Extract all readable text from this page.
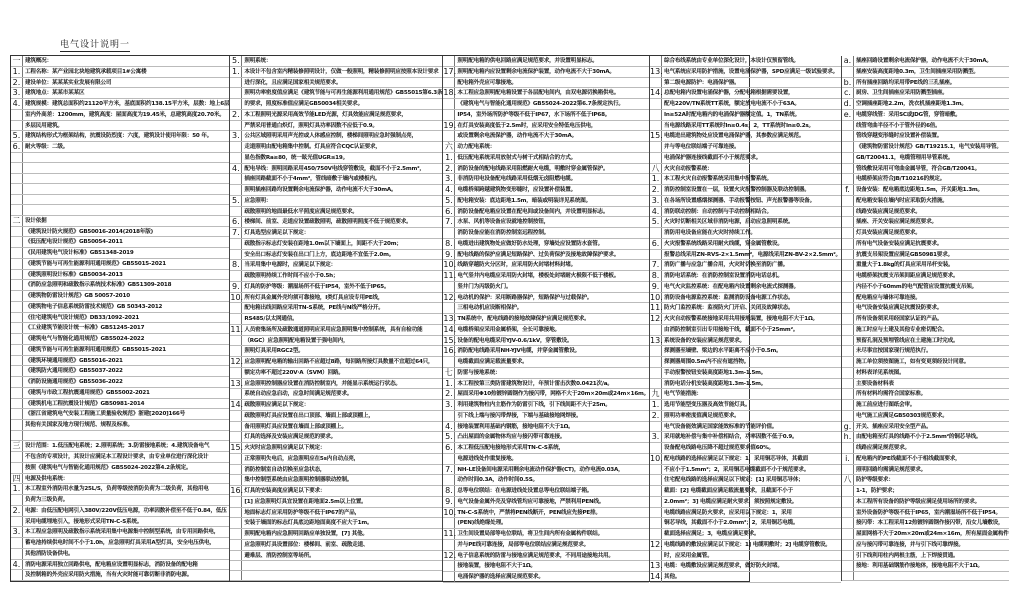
电气设计说明一
一 建筑概况：
1. 工程名称：某产业园北块地建筑承载项目1#公寓楼
2. 建设单位：某某某实业发展有限公司
3. 建筑地点：某某市某某区
4. 建筑规模：建筑总面积约21120平方米，基底面积约138.15平方米，层数：地上6层
室内外高差：1200mm，建筑高度：屋面高度为19.45米，总建筑高度20.70米。
多层民用建筑。
5. 建筑结构形式为框架结构，抗震设防烈度：六度，建筑设计使用年限：50 年。
6. 耐火等级：二级。
二 设计依据
《建筑设计防火规范》GB50016-2014(2018年版)
《低压配电设计规范》GB50054-2011
《民用建筑电气设计标准》GB51348-2019
《建筑节能与可再生能源利用通用规范》GB55015-2021
《建筑照明设计标准》GB50034-2013
《消防应急照明和疏散指示系统技术标准》GB51309-2018
《建筑物防雷设计规范》GB 50057-2010
《建筑物电子信息系统防雷技术规范》GB 50343-2012
《住宅建筑电气设计规范》DB33/1092-2021
《工业建筑节能设计统一标准》GB51245-2017
《建筑电气与智能化通用规范》GB55024-2022
《建筑节能与可再生能源利用通用规范》GB55015-2021
《建筑环境通用规范》GB55016-2021
《建筑防火通用规范》GB55037-2022
《消防设施通用规范》GB55036-2022
《建筑与市政工程抗震通用规范》GB55002-2021
《建筑机电工程抗震设计规范》GB50981-2014
《浙江省建筑电气安装工程施工质量验收规范》浙建[2020]166号
其他有关国家及地方现行规范、规程及标准。
三 设计范围：1.低压配电系统；2.照明系统；3.防雷接地系统；4.建筑设备电气
不包含的专项设计，其设计应满足本工程设计要求，由专业单位进行深化设计
按照《建筑电气与智能化通用规范》GB55024-2022第4.2条规定。
四 电源及供电系统：
1. 本工程室外消防用水量为25L/S，负荷等级按消防负荷为二级负荷，其他用电
负荷为三级负荷。
2. 电源：由低压配电网引入380V/220V低压电源，功率因数补偿至不低于0.84，低压
采用电缆埋地引入，接地形式采用TN-C-S系统。
3. 本工程应急照明及疏散指示系统采用集中电源集中控制型系统，由专用回路供电，
蓄电池持续供电时间不小于1.0h，应急照明灯具采用A型灯具，安全电压供电，
其他消防设备供电。
4. 消防电源采用独立回路供电，配电箱应设置明显标志，消防设备的配电箱
及控制箱的外壳应采用防火措施，当有火灾时能可靠切断非消防电源。
5. 照明系统：
1. 本设计不包含室内精装修照明设计，仅做一般照明，精装修照明应按照本设计要求
进行深化，且应满足国家相关规范要求。
照明功率密度值应满足《建筑节能与可再生能源利用通用规范》GB55015第6.3条
的要求，照度标准值应满足GB50034相关要求。
2. 本工程照明光源采用高效节能LED光源，灯具效能应满足规范要求，
严禁采用普通白炽灯，照明灯具功率因数不应低于0.9。
3. 公共区域照明采用声光控或人体感应控制，楼梯间照明应急时强制点亮，
走道照明由配电箱集中控制。灯具应符合CQC认证要求，
显色指数Ra≥80，统一眩光值UGR≤19。
4. 配电导线：照明回路采用450/750V电线穿管敷设，截面不小于2.5mm²，
插座回路截面不小于4mm²，管线暗敷于墙内或楼板内。
照明插座回路均设置剩余电流保护器，动作电流不大于30mA。
5. 应急照明：
疏散照明的地面最低水平照度应满足规范要求。
6. 楼梯间、前室、走道应设置疏散照明，疏散照明照度不低于规范要求。
7. 灯具选型应满足以下规定：
疏散指示标志灯安装在距地1.0m以下墙面上，间距不大于20m；
安全出口标志灯安装在出口门上方，底边距地不宜低于2.0m。
8. 当采用集中电源时，应满足以下规定：
疏散照明持续工作时间不应小于0.5h；
9. 灯具的防护等级：潮湿场所不低于IP54，室外不低于IP65。
10. 所有灯具金属外壳均须可靠接地，I类灯具应设专用PE线，
配电箱出线回路应采用TN-S系统，PE线与N线严格分开。
RS485/以太网通信。
11. 人员密集场所及疏散通道照明应采用应急照明集中控制系统，具有自检功能
（RGC）应急照明配电箱设置于强电间内，
照明灯具采用RGC2型。
12. 应急照明配电箱的输出回路不应超过8路，每回路所接灯具数量不宜超过64只，
额定功率不超过220V·A（SVM）回路。
13. 应急照明控制器应设置在消防控制室内，并能显示系统运行状态。
系统自动应急启动，应急时间满足规范要求。
14. 疏散照明应满足以下规定：
疏散照明灯具应设置在出口顶部、墙面上部或顶棚上，
备用照明灯具应设置在墙面上部或顶棚上。
灯具的选择及安装应满足规范的要求。
15. 火灾时应急照明应满足以下规定：
正常照明失电后，应急照明应在5s内自动点亮，
消防控制室自动切换至应急状态，
集中控制型系统由应急照明控制器联动控制。
16. 灯具的安装高度应满足以下要求：
[1] 应急照明灯具宜设置在距地面2.5m以上位置。
地面标志灯应采用防护等级不低于IP67的产品，
安装于墙面的标志灯具底边距地面高度不应大于1m。
照明配电箱内应急照明回路应单独设置，[7] 其他。
应急照明灯具设置部位：楼梯间、前室、疏散走道、
避难层、消防控制室等场所。
照明配电箱的供电回路应满足规范要求，并设置明显标志。
17. 照明配电箱内应设置剩余电流保护装置，动作电流不大于30mA。
配电箱外壳应可靠接地。
18. 本工程应急照明配电箱设置于各层配电间内，由双电源切换箱供电。
《建筑电气与智能化通用规范》GB55024-2022第6.7条规定执行。
IP54，室外场所防护等级不低于IP67，水下场所不低于IP68。
19. 在灯具安装高度低于2.5m时，应采用安全特低电压供电，
或设置剩余电流保护器，动作电流不大于30mA。
六 动力配电系统：
1. 低压配电系统采用放射式与树干式相结合的方式。
2. 消防设备的配电线路采用阻燃耐火电缆，明敷时穿金属管保护。
3. 非消防用电设备配电线路采用低烟无卤阻燃电缆。
4. 电缆桥架跨越建筑物变形缝时，应设置补偿装置。
5. 配电箱安装：底边距地1.5m，暗装或明装详见系统图。
6. 消防设备配电箱应设置在配电间或设备间内，并设置明显标志。
7. 水泵、风机等设备应设就地控制按钮，
消防设备应能在消防控制室远程控制。
8. 电缆进出建筑物处应做好防水处理，穿墙处应设置防水套管。
9. 配电线路的保护应满足短路保护、过负荷保护及接地故障保护要求。
10. 线路穿越防火分区时，应采用防火封堵材料封堵。
11. 电气竖井内电缆应采用防火封堵，楼板处封堵耐火极限不低于楼板。
竖井门为丙级防火门。
12. 电动机的保护：采用断路器保护，短路保护与过载保护。
三相电动机应设断相保护。
13. TN系统中，配电线路的接地故障保护应满足规范要求。
14. 电缆桥架应采用金属桥架，全长可靠接地。
15. 设备的配电电缆采用YJV-0.6/1kV，穿管敷设。
16. 消防配电线路采用NH-YJV电缆，并穿金属管敷设。
电缆截面应满足载流量要求。
七 防雷与接地系统：
1. 本工程按第三类防雷建筑物设计，年预计雷击次数0.0421次/a。
2. 屋面采用Φ10热镀锌圆钢作为接闪带，网格不大于20m×20m或24m×16m。
3. 利用建筑物柱内主筋作为防雷引下线，引下线间距不大于25m。
引下线上端与接闪带焊接，下端与基础接地网焊接。
4. 接地装置利用基础内钢筋，接地电阻不大于1Ω。
5. 凸出屋面的金属物体均应与接闪带可靠连接。
6. 本工程低压配电接地形式采用TN-C-S系统，
电源进线处作重复接地。
7. NH-LE设备间电源采用剩余电流动作保护器(CT)，动作电流0.03A，
动作时间0.3A，动作时间0.5S。
8. 总等电位联结：在电源进线处设置总等电位联结端子箱。
9. 电气设备金属外壳及穿线管均应可靠接地，严禁利用PEN线。
10. TN-C-S系统中，严禁将PEN线断开，PEN线应先接PE排。
(PEN)线绝缘处理。
11. 卫生间设置局部等电位联结，将卫生间内所有金属构件联结。
并与PE线可靠连接，局部等电位联结应满足规范要求。
12. 电子信息系统的防雷与接地应满足规范要求，不同用途接地共用。
接地装置，接地电阻不大于1Ω。
电涌保护器的选择应满足规范要求。
综合布线系统由专业单位深化设计，本设计仅预留管线。
13. 电气系统应采用防护措施，设置电涌保护器，SPD应满足一级试验要求。
第二级电源防护：电涌保护器。
14. 总配电箱内设置电涌保护器，分配电箱根据需要设置，
配电220V/TN系统TT系统，额定放电电流不小于63A。
In≥52A时配电箱内的电涌保护器额定值。1，TN系统。
当电源线路采用TT系统时In≥0.4s；2，TT系统时In≥0.2s。
15. 电缆进出建筑物处应设置电涌保护器，其参数应满足规范。
并与等电位联结端子可靠连接。
电涌保护器连接线截面不小于规范要求。
八 火灾自动报警系统：
1. 本工程火灾自动报警系统采用集中报警系统。
2. 消防控制室设置在一层，设置火灾报警控制器及联动控制器。
3. 在各场所设置感烟探测器、手动报警按钮、声光报警器等设备。
4. 消防联动控制：自动控制与手动控制相结合。
5. 火灾时切断相关区域非消防电源，启动应急照明系统。
消防用电设备应能在火灾时持续工作。
6. 火灾报警系统线路采用耐火线缆，穿金属管敷设。
报警总线采用ZN-RVS-2×1.5mm²，电源线采用ZN-BV-2×2.5mm²。
7. 消防广播与应急广播合用，火灾时切换至消防广播。
8. 消防电话系统：在消防控制室设置消防电话总机。
9. 电气火灾监控系统：在配电箱内设置剩余电流式探测器。
10. 消防设备电源监控系统：监测消防设备电源工作状态。
11. 防火门监控系统：监视防火门开启、关闭及故障状态。
12. 火灾自动报警系统接地采用共用接地装置，接地电阻不大于1Ω。
由消防控制室引出专用接地干线，截面不小于25mm²。
13. 系统设备的安装应满足规范要求。
探测器至墙壁、梁边的水平距离不应小于0.5m。
探测器周围0.5m内不应有遮挡物。
手动报警按钮安装高度距地1.3m-1.5m。
消防电话分机安装高度距地1.3m-1.5m。
九 电气节能措施：
1. 选用节能型变压器及高效节能灯具。
2. 照明功率密度值满足规范要求。
电气设备能效满足国家能效标准的节能评价值。
3. 采用就地补偿与集中补偿相结合，功率因数不低于0.9。
设备配电线路电压降不超过规范要求值60%。
10. 配电线路的选择应满足以下规定：1，采用铜芯导体，其截面
不应小于1.5mm²；2，采用铜芯电缆截面不小于规范要求。
住宅配电线路的选择应满足以下规定：[1] 采用铜芯导体；
截面：[2] 电缆截面应满足载流量要求，且截面不小于
2.0mm²；3] 电缆应满足耐火要求，须按照规定敷设。
电缆线路应满足防火要求，应采用以下规定：1，采用
铜芯导线，其截面不小于2.0mm²；2，采用铜芯电缆。
截面选择应满足；3，电缆应满足要求。
12. 电缆线路的敷设应满足以下规定：1] 电缆明敷时；2] 电缆穿管敷设。
时，应采用金属管。
13. 电缆：电缆敷设应满足规范要求，做好防火封堵。
14. 其他。
a. 插座回路设置剩余电流保护器，动作电流不大于30mA。
插座安装高度距地0.3m，卫生间插座采用防溅型。
b. 所有插座回路均采用带PE线的三孔插座。
c. 厨房、卫生间插座应采用防溅型插座。
d. 空调插座距地2.2m，洗衣机插座距地1.3m。
e. 电缆穿线管：采用SC或JDG管，穿管暗敷。
线管弯曲半径不小于管外径的6倍。
管线穿越变形缝时应设置补偿装置。
《建筑物防雷设计规范》GB/T19215.1，电气安装用导管。
GB/T20041.1，电缆管理用导管系统。
管线敷设采用可弯曲金属导管，符合GB/T20041。
电缆桥架应符合JB/T10216的规定。
f.	设备安装：配电箱底边距地1.5m，开关距地1.3m。
配电箱安装在墙内时应采取防火措施。
线路安装应满足规范要求。
插座、开关安装应满足规范要求。
灯具安装应满足规范要求。
所有电气设备安装应满足抗震要求。
抗震支吊架设置应满足GB50981要求。
重量大于1.8kg的灯具应采用吊杆安装。
电缆桥架抗震支吊架间距应满足规范要求。
内径不小于60mm的电气配管应设置抗震支吊架。
配电箱应与墙体可靠连接。
电气设备安装应满足抗震设防要求。
所有设备须采用经国家认证的产品。
施工时应与土建及其他专业密切配合。
预留孔洞及预埋管线应在土建施工时完成。
未尽事宜按国家现行规范执行。
施工单位须按图施工，如有变更须经设计同意。
材料表详见系统图。
主要设备材料表
所有材料均需符合国家标准。
施工前应进行图纸会审。
电气施工应满足GB50303规范要求。
g. 开关、插座应采用安全型产品。
h. 由配电箱至灯具的线路不小于2.5mm²的铜芯导线。
线路应满足规范要求。
i.	配电箱内的PE线截面不小于相线截面要求，
照明回路均需满足规范要求。
八 防护等级要求：
1-1，防护要求；
本工程所有设备的防护等级应满足使用场所的要求。
室外设备防护等级不低于IP65，室内潮湿场所不低于IP54。
接闪带：本工程采用12热镀锌圆钢作接闪带，沿女儿墙敷设，
屋面网格不大于20m×20m或24m×16m，所有屋面金属构件
应与接闪带可靠连接，并与引下线可靠焊接。
引下线利用柱内两根主筋，上下焊接贯通。
接地：利用基础钢筋作接地体，接地电阻不大于1Ω。
